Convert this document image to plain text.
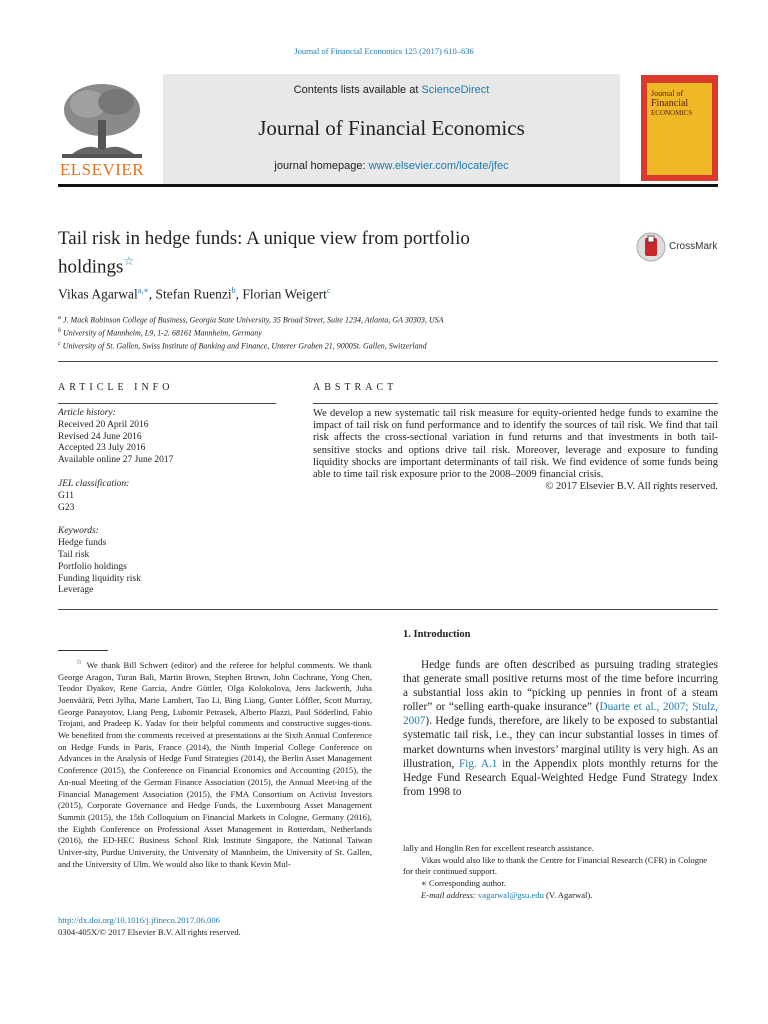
Journal of Financial Economics 125 (2017) 610–636
ELSEVIER
Contents lists available at ScienceDirect
Journal of Financial Economics
journal homepage: www.elsevier.com/locate/jfec
Journal of
Financial
ECONOMICS
Tail risk in hedge funds: A unique view from portfolio
holdings☆
CrossMark
Vikas Agarwal$^{a,∗}$, Stefan Ruenzi$^b$, Florian Weigert$^c$
$^a$ J. Mack Robinson College of Business, Georgia State University, 35 Broad Street, Suite 1234, Atlanta, GA 30303, USA
$^b$ University of Mannheim, L9, 1-2. 68161 Mannheim, Germany
$^c$ University of St. Gallen, Swiss Institute of Banking and Finance, Unterer Graben 21, 9000St. Gallen, Switzerland
ARTICLE INFO
Article history:
Received 20 April 2016
Revised 24 June 2016
Accepted 23 July 2016
Available online 27 June 2017
JEL classification:
G11
G23
Keywords:
Hedge funds
Tail risk
Portfolio holdings
Funding liquidity risk
Leverage
ABSTRACT

We develop a new systematic tail risk measure for equity-oriented hedge funds to examine the impact of tail risk on fund performance and to identify the sources of tail risk. We find that tail risk affects the cross-sectional variation in fund returns and that investments in both tail-sensitive stocks and options drive tail risk. Moreover, leverage and exposure to funding liquidity shocks are important determinants of tail risk. We find evidence of some funds being able to time tail risk exposure prior to the 2008–2009 financial crisis.

© 2017 Elsevier B.V. All rights reserved.

☆ We thank Bill Schwert (editor) and the referee for helpful comments. We thank George Aragon, Turan Bali, Martin Brown, Stephen Brown, John Cochrane, Yong Chen, Teodor Dyakov, Rene Garcia, Andre Güttler, Olga Kolokolova, Jens Jackwerth, Juha Joenväärä, Petri Jylha, Marie Lambert, Tao Li, Bing Liang, Gunter Löffler, Scott Murray, George Panayotov, Liang Peng, Lubomir Petrasek, Alberto Plazzi, Paul Söderlind, Fabio Trojani, and Pradeep K. Yadav for their helpful comments and constructive sugges-tions. We benefited from the comments received at presentations at the Sixth Annual Conference on Hedge Funds in Paris, France (2014), the Ninth Imperial College Conference on Advances in the Analysis of Hedge Fund Strategies (2014), the Berlin Asset Management Conference (2015), the Conference on Financial Economics and Accounting (2015), the An-nual Meeting of the German Finance Association (2015), the Annual Meet-ing of the Financial Management Association (2015), the FMA Consortium on Activist Investors (2015), Corporate Governance and Hedge Funds, the Luxembourg Asset Management Summit (2015), the 15th Colloquium on Financial Markets in Cologne, Germany (2016), the Eighth Conference on Professional Asset Management in Rotterdam, Netherlands (2016), the ED-HEC Business School Risk Institute Singapore, the National Taiwan Univer-sity, Purdue University, the University of Mannheim, the University of St. Gallen, and the University of Ulm. We would also like to thank Kevin Mul-

http://dx.doi.org/10.1016/j.jfineco.2017.06.006
0304-405X/© 2017 Elsevier B.V. All rights reserved.
1. Introduction

Hedge funds are often described as pursuing trading strategies that generate small positive returns most of the time before incurring a substantial loss akin to “picking up pennies in front of a steam roller” or “selling earth-quake insurance” (Duarte et al., 2007; Stulz, 2007). Hedge funds, therefore, are likely to be exposed to substantial systematic tail risk, i.e., they can incur substantial losses in times of market downturns when investors’ marginal utility is very high. As an illustration, Fig. A.1 in the Appendix plots monthly returns for the Hedge Fund Research Equal-Weighted Hedge Fund Strategy Index from 1998 to

lally and Honglin Ren for excellent research assistance.
Vikas would also like to thank the Centre for Financial Research (CFR) in Cologne for their continued support.
∗ Corresponding author.
E-mail address: vagarwal@gsu.edu (V. Agarwal).
